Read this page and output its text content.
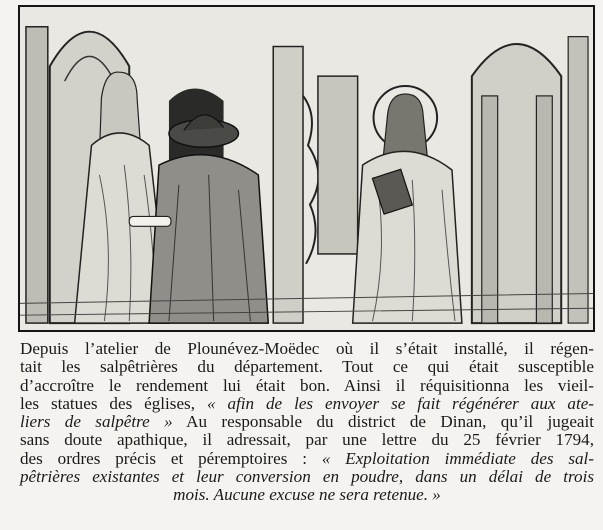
Depuis l’atelier de Plounévez-Moëdec où il s’était installé, il régen-
tait les salpêtrières du département. Tout ce qui était susceptible
d’accroître le rendement lui était bon. Ainsi il réquisitionna les vieil-
les statues des églises, « afin de les envoyer se fait régénérer aux ate-
liers de salpêtre » Au responsable du district de Dinan, qu’il jugeait
sans doute apathique, il adressait, par une lettre du 25 février 1794,
des ordres précis et péremptoires : « Exploitation immédiate des sal-
pêtrières existantes et leur conversion en poudre, dans un délai de trois
mois. Aucune excuse ne sera retenue. »
